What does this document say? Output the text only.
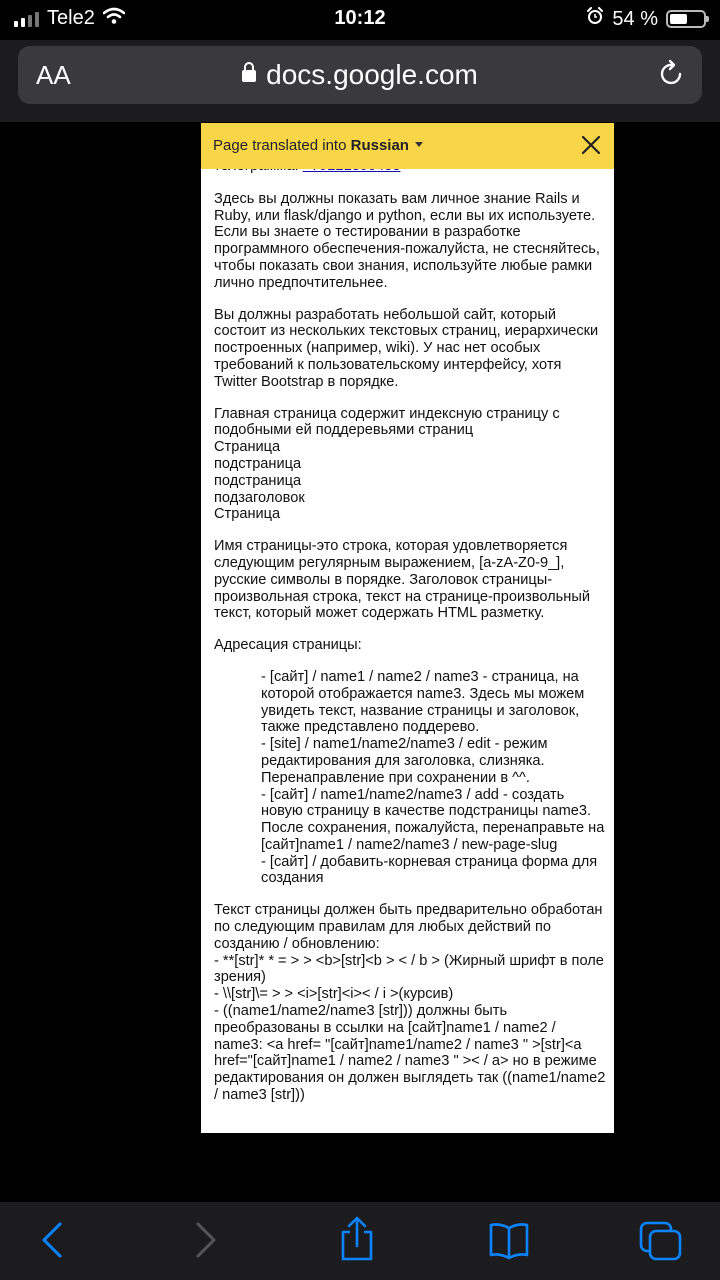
Tele2	10:12	54 %
AA	docs.google.com
Page translated into Russian

Здесь вы должны показать вам личное знание Rails и Ruby, или flask/django и python, если вы их используете. Если вы знаете о тестировании в разработке программного обеспечения-пожалуйста, не стесняйтесь, чтобы показать свои знания, используйте любые рамки лично предпочтительнее.

Вы должны разработать небольшой сайт, который состоит из нескольких текстовых страниц, иерархически построенных (например, wiki). У нас нет особых требований к пользовательскому интерфейсу, хотя Twitter Bootstrap в порядке.

Главная страница содержит индексную страницу с подобными ей поддеревьями страниц
Страница
подстраница
подстраница
подзаголовок
Страница

Имя страницы-это строка, которая удовлетворяется следующим регулярным выражением, [a-zA-Z0-9_], русские символы в порядке. Заголовок страницы-произвольная строка, текст на странице-произвольный текст, который может содержать HTML разметку.

Адресация страницы:

- [сайт] / name1 / name2 / name3 - страница, на которой отображается name3. Здесь мы можем увидеть текст, название страницы и заголовок, также представлено поддерево.
- [site] / name1/name2/name3 / edit - режим редактирования для заголовка, слизняка. Перенаправление при сохранении в ^^.
- [сайт] / name1/name2/name3 / add - создать новую страницу в качестве подстраницы name3. После сохранения, пожалуйста, перенаправьте на [сайт]name1 / name2/name3 / new-page-slug
- [сайт] / добавить-корневая страница форма для создания

Текст страницы должен быть предварительно обработан по следующим правилам для любых действий по созданию / обновлению:
- **[str]* * = > > <b>[str]<b > < / b > (Жирный шрифт в поле зрения)
- \\[str]\= > > <i>[str]<i>< / i >(курсив)
- ((name1/name2/name3 [str])) должны быть преобразованы в ссылки на [сайт]name1 / name2 / name3: <a href= "[сайт]name1/name2 / name3 " >[str]<a href="[сайт]name1 / name2 / name3 " >< / a> но в режиме редактирования он должен выглядеть так ((name1/name2 / name3 [str]))
